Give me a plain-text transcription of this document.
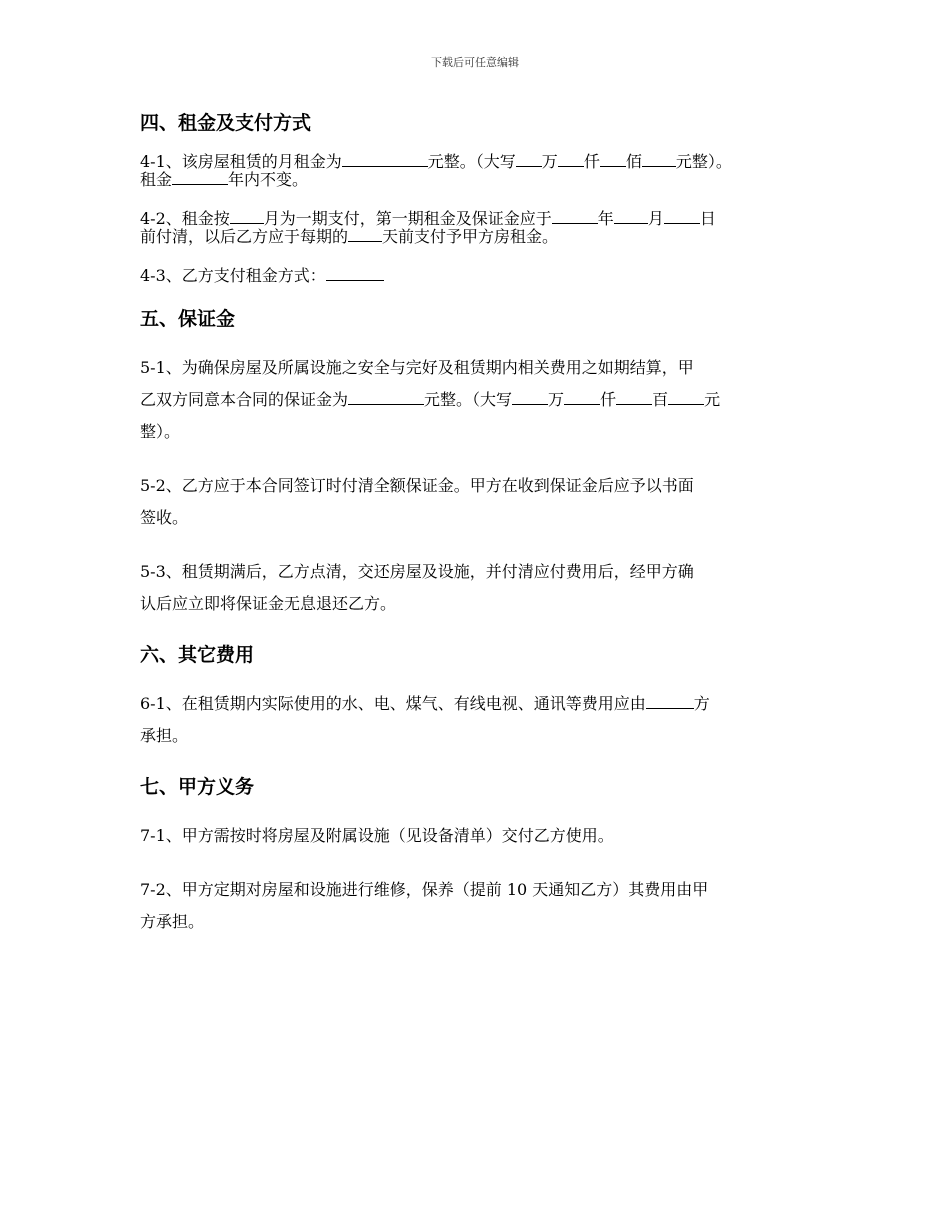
下载后可任意编辑
四、租金及支付方式

4-1、该房屋租赁的月租金为	元整。（大写 万 仟 佰 元整）。
租金	年内不变。

4-2、租金按 月为一期支付，第一期租金及保证金应于	年 月 日
前付清，以后乙方应于每期的 天前支付予甲方房租金。

4-3、乙方支付租金方式：

五、保证金

5-1、为确保房屋及所属设施之安全与完好及租赁期内相关费用之如期结算，甲
乙双方同意本合同的保证金为	元整。（大写 万 仟 百 元
整）。

5-2、乙方应于本合同签订时付清全额保证金。甲方在收到保证金后应予以书面
签收。

5-3、租赁期满后，乙方点清，交还房屋及设施，并付清应付费用后，经甲方确
认后应立即将保证金无息退还乙方。

六、其它费用

6-1、在租赁期内实际使用的水、电、煤气、有线电视、通讯等费用应由	方
承担。

七、甲方义务

7-1、甲方需按时将房屋及附属设施（见设备清单）交付乙方使用。

7-2、甲方定期对房屋和设施进行维修，保养（提前 10 天通知乙方）其费用由甲
方承担。
